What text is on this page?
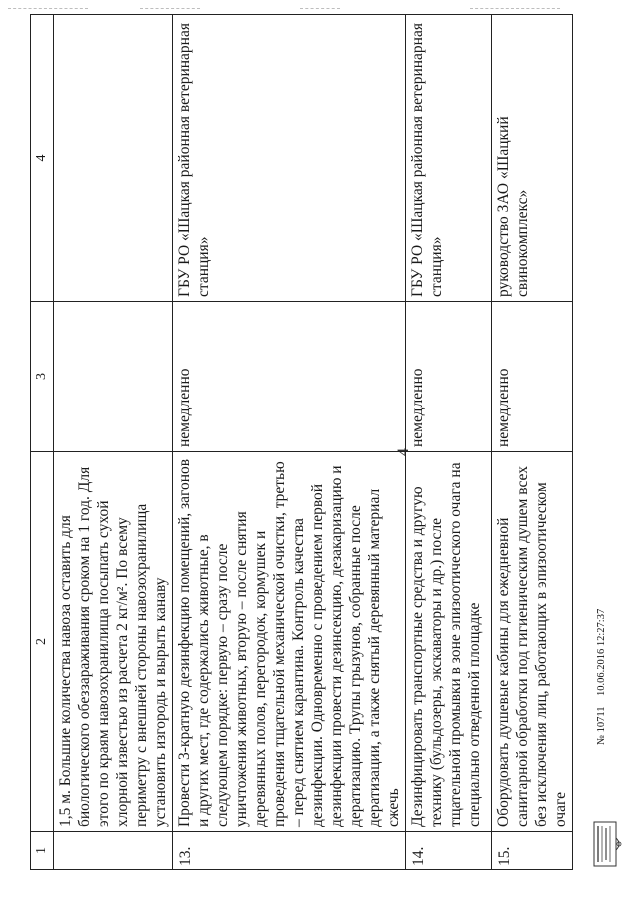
4
1	2	3	4
	1,5 м. Большие количества навоза оставить для биологического обеззараживания сроком на 1 год. Для этого по краям навозохранилища посыпать сухой хлорной известью из расчета 2 кг/м². По всему периметру с внешней стороны навозохранилища установить изгородь и вырыть канаву		
13.	Провести 3-кратную дезинфекцию помещений, загонов и других мест, где содержались животные, в следующем порядке: первую – сразу после уничтожения животных, вторую – после снятия деревянных полов, перегородок, кормушек и проведения тщательной механической очистки, третью – перед снятием карантина. Контроль качества дезинфекции. Одновременно с проведением первой дезинфекции провести дезинсекцию, дезакаризацию и дератизацию. Трупы грызунов, собранные после дератизации, а также снятый деревянный материал сжечь	немедленно	ГБУ РО «Шацкая районная ветеринарная станция»
14.	Дезинфицировать транспортные средства и другую технику (бульдозеры, экскаваторы и др.) после тщательной промывки в зоне эпизоотического очага на специально отведенной площадке	немедленно	ГБУ РО «Шацкая районная ветеринарная станция»
15.	Оборудовать душевые кабины для ежедневной санитарной обработки под гигиеническим душем всех без исключения лиц, работающих в эпизоотическом очаге	немедленно	руководство ЗАО «Шацкий свинокомплекс»
№ 10711    10.06.2016 12:27:37
